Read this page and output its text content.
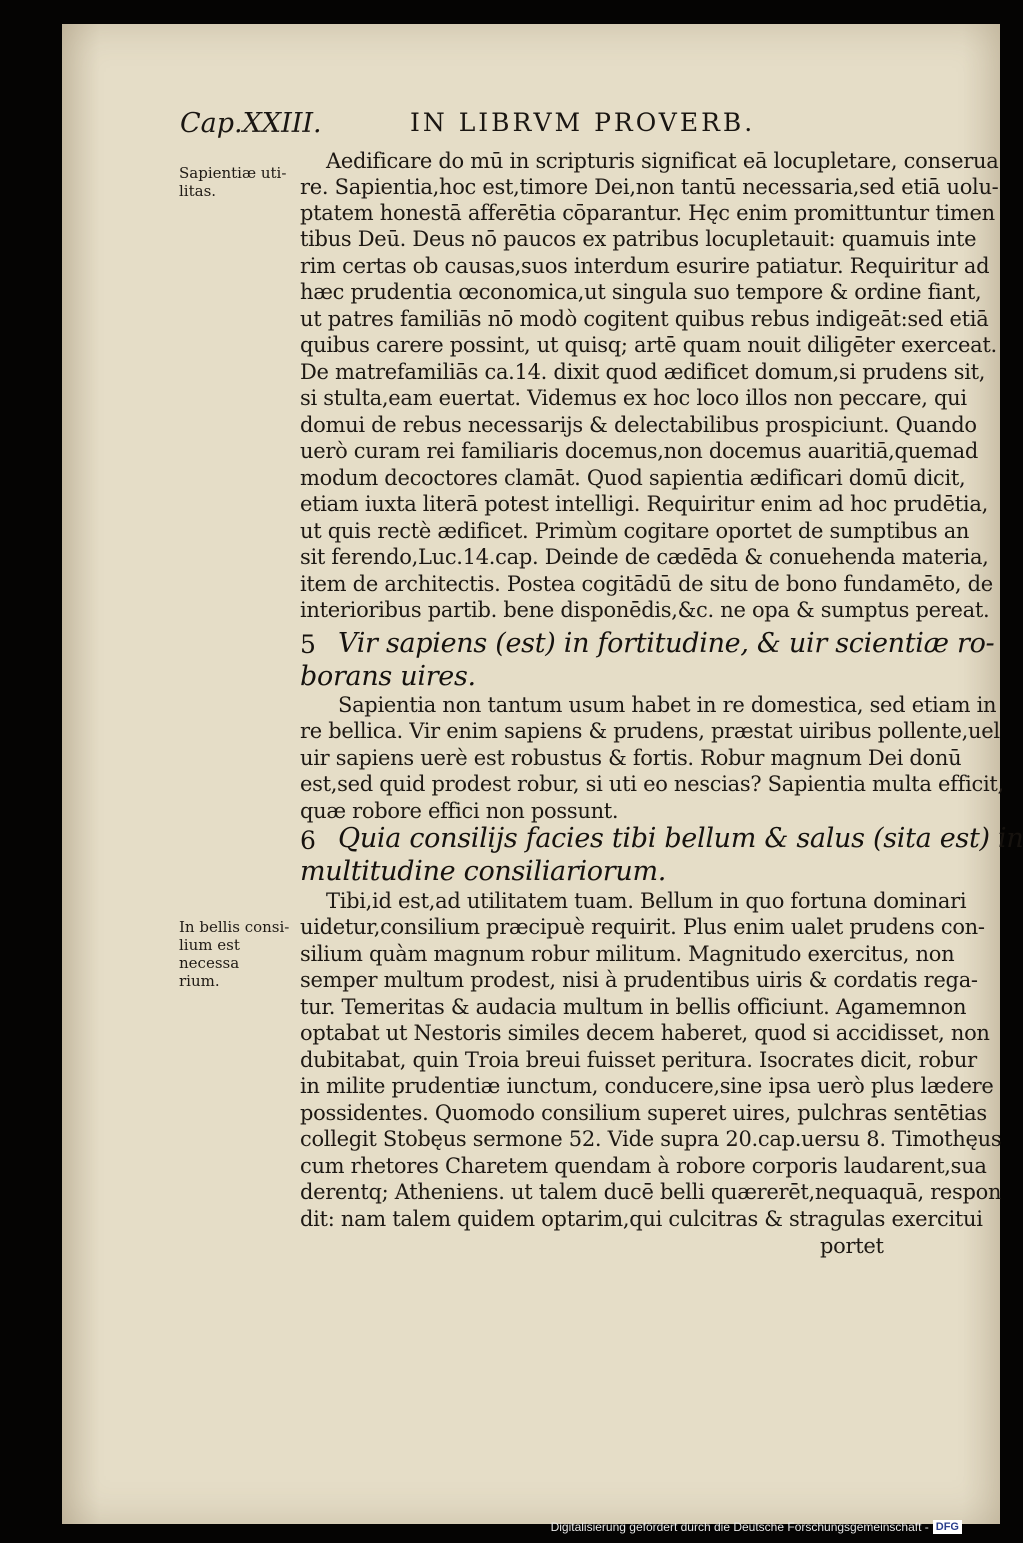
Cap.XXIII.	IN LIBRVM PROVERB.
Sapientiæ uti-
litas.
In bellis consi-
lium est necessa
rium.
Aedificare do mū in scripturis significat eā locupletare, conserua
re. Sapientia,hoc est,timore Dei,non tantū necessaria,sed etiā uolu-
ptatem honestā afferētia cōparantur. Hęc enim promittuntur timen
tibus Deū. Deus nō paucos ex patribus locupletauit: quamuis inte
rim certas ob causas,suos interdum esurire patiatur. Requiritur ad
hæc prudentia œconomica,ut singula suo tempore & ordine fiant,
ut patres familiās nō modò cogitent quibus rebus indigeāt:sed etiā
quibus carere possint, ut quisq; artē quam nouit diligēter exerceat.
De matrefamiliās ca.14. dixit quod ædificet domum,si prudens sit,
si stulta,eam euertat. Videmus ex hoc loco illos non peccare, qui
domui de rebus necessarijs & delectabilibus prospiciunt. Quando
uerò curam rei familiaris docemus,non docemus auaritiā,quemad
modum decoctores clamāt. Quod sapientia ædificari domū dicit,
etiam iuxta literā potest intelligi. Requiritur enim ad hoc prudētia,
ut quis rectè ædificet. Primùm cogitare oportet de sumptibus an
sit ferendo,Luc.14.cap. Deinde de cædēda & conuehenda materia,
item de architectis. Postea cogitādū de situ de bono fundamēto, de
interioribus partib. bene disponēdis,&c. ne opa & sumptus pereat.
5 Vir sapiens (est) in fortitudine, & uir scientiæ ro-
borans uires.
Sapientia non tantum usum habet in re domestica, sed etiam in
re bellica. Vir enim sapiens & prudens, præstat uiribus pollente,uel
uir sapiens uerè est robustus & fortis. Robur magnum Dei donū
est,sed quid prodest robur, si uti eo nescias? Sapientia multa efficit,
quæ robore effici non possunt.
6 Quia consilijs facies tibi bellum & salus (sita est) in
multitudine consiliariorum.
Tibi,id est,ad utilitatem tuam. Bellum in quo fortuna dominari
uidetur,consilium præcipuè requirit. Plus enim ualet prudens con-
silium quàm magnum robur militum. Magnitudo exercitus, non
semper multum prodest, nisi à prudentibus uiris & cordatis rega-
tur. Temeritas & audacia multum in bellis officiunt. Agamemnon
optabat ut Nestoris similes decem haberet, quod si accidisset, non
dubitabat, quin Troia breui fuisset peritura. Isocrates dicit, robur
in milite prudentiæ iunctum, conducere,sine ipsa uerò plus lædere
possidentes. Quomodo consilium superet uires, pulchras sentētias
collegit Stobęus sermone 52. Vide supra 20.cap.uersu 8. Timothęus
cum rhetores Charetem quendam à robore corporis laudarent,sua
derentq; Atheniens. ut talem ducē belli quærerēt,nequaquā, respon
dit: nam talem quidem optarim,qui culcitras & stragulas exercitui
portet
Digitalisierung gefördert durch die Deutsche Forschungsgemeinschaft - DFG
